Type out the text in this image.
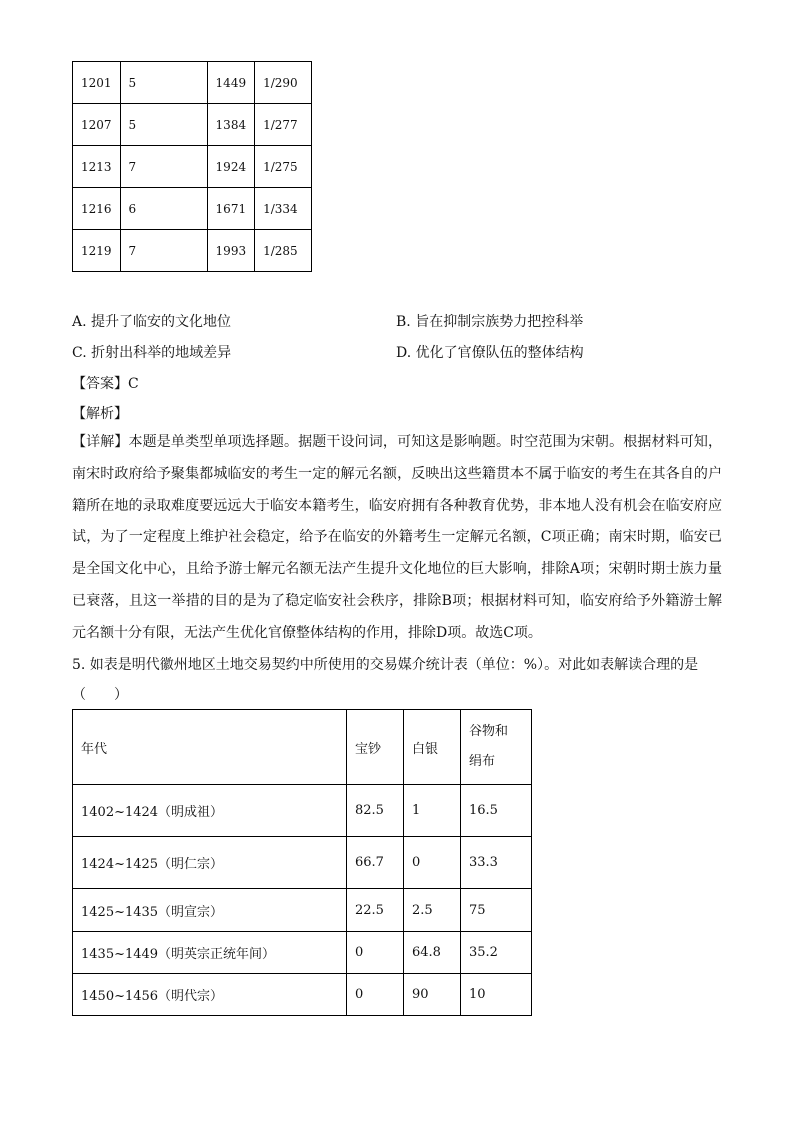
1201	5	1449	1/290
1207	5	1384	1/277
1213	7	1924	1/275
1216	6	1671	1/334
1219	7	1993	1/285
A. 提升了临安的文化地位	B. 旨在抑制宗族势力把控科举
C. 折射出科举的地域差异	D. 优化了官僚队伍的整体结构
【答案】C
【解析】
【详解】本题是单类型单项选择题。据题干设问词，可知这是影响题。时空范围为宋朝。根据材料可知，南宋时政府给予聚集都城临安的考生一定的解元名额，反映出这些籍贯本不属于临安的考生在其各自的户籍所在地的录取难度要远远大于临安本籍考生，临安府拥有各种教育优势，非本地人没有机会在临安府应试，为了一定程度上维护社会稳定，给予在临安的外籍考生一定解元名额，C项正确；南宋时期，临安已是全国文化中心，且给予游士解元名额无法产生提升文化地位的巨大影响，排除A项；宋朝时期士族力量已衰落，且这一举措的目的是为了稳定临安社会秩序，排除B项；根据材料可知，临安府给予外籍游士解元名额十分有限，无法产生优化官僚整体结构的作用，排除D项。故选C项。
5. 如表是明代徽州地区土地交易契约中所使用的交易媒介统计表（单位：%）。对此如表解读合理的是
（　　）
年代	宝钞	白银	谷物和
绢布

1402~1424（明成祖）	82.5	1	16.5
1424~1425（明仁宗）	66.7	0	33.3
1425~1435（明宣宗）	22.5	2.5	75
1435~1449（明英宗正统年间）	0	64.8	35.2
1450~1456（明代宗）	0	90	10
